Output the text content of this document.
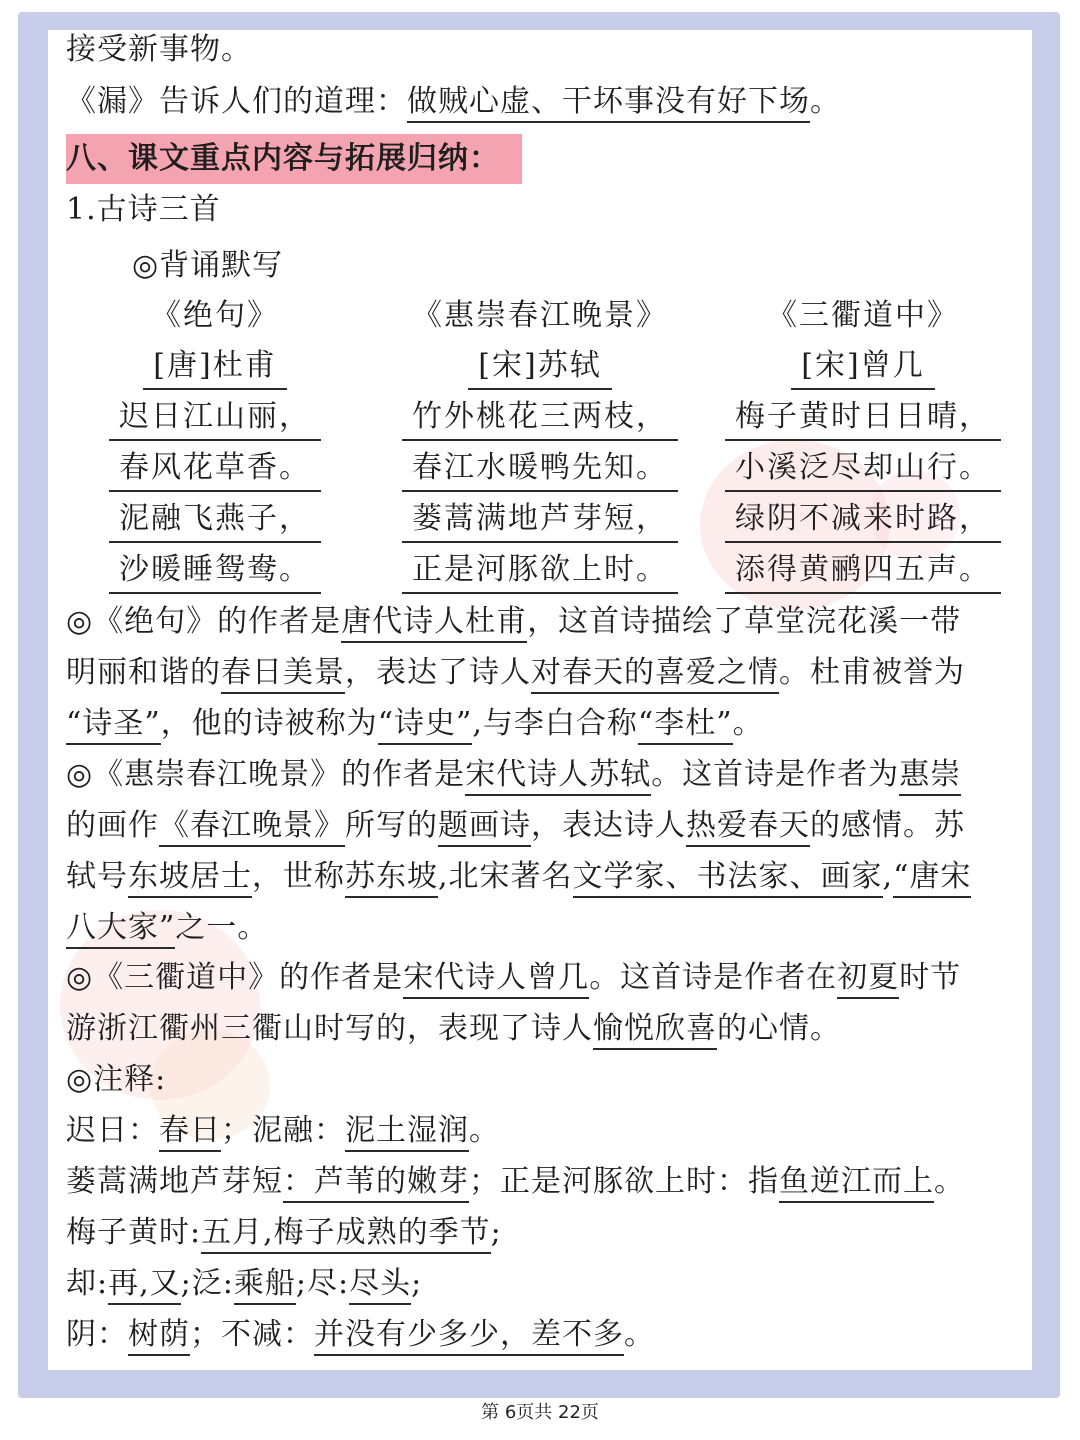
接受新事物。
《漏》告诉人们的道理：做贼心虚、干坏事没有好下场。
八、课文重点内容与拓展归纳：
1.古诗三首
◎背诵默写
《绝句》
[唐]杜甫
迟日江山丽，
春风花草香。
泥融飞燕子，
沙暖睡鸳鸯。
《惠崇春江晚景》
[宋]苏轼
竹外桃花三两枝，
春江水暖鸭先知。
蒌蒿满地芦芽短，
正是河豚欲上时。
《三衢道中》
[宋]曾几
梅子黄时日日晴，
小溪泛尽却山行。
绿阴不减来时路，
添得黄鹂四五声。
◎《绝句》的作者是唐代诗人杜甫，这首诗描绘了草堂浣花溪一带
明丽和谐的春日美景，表达了诗人对春天的喜爱之情。杜甫被誉为
“诗圣”，他的诗被称为“诗史”,与李白合称“李杜”。
◎《惠崇春江晚景》的作者是宋代诗人苏轼。这首诗是作者为惠崇
的画作《春江晚景》所写的题画诗，表达诗人热爱春天的感情。苏
轼号东坡居士，世称苏东坡,北宋著名文学家、书法家、画家,“唐宋
八大家”之一。
◎《三衢道中》的作者是宋代诗人曾几。这首诗是作者在初夏时节
游浙江衢州三衢山时写的，表现了诗人愉悦欣喜的心情。
◎注释:
迟日：春日；泥融：泥土湿润。
蒌蒿满地芦芽短：芦苇的嫩芽；正是河豚欲上时：指鱼逆江而上。
梅子黄时:五月,梅子成熟的季节;
却:再,又;泛:乘船;尽:尽头;
阴：树荫；不减：并没有少多少，差不多。
第 6页共 22页
